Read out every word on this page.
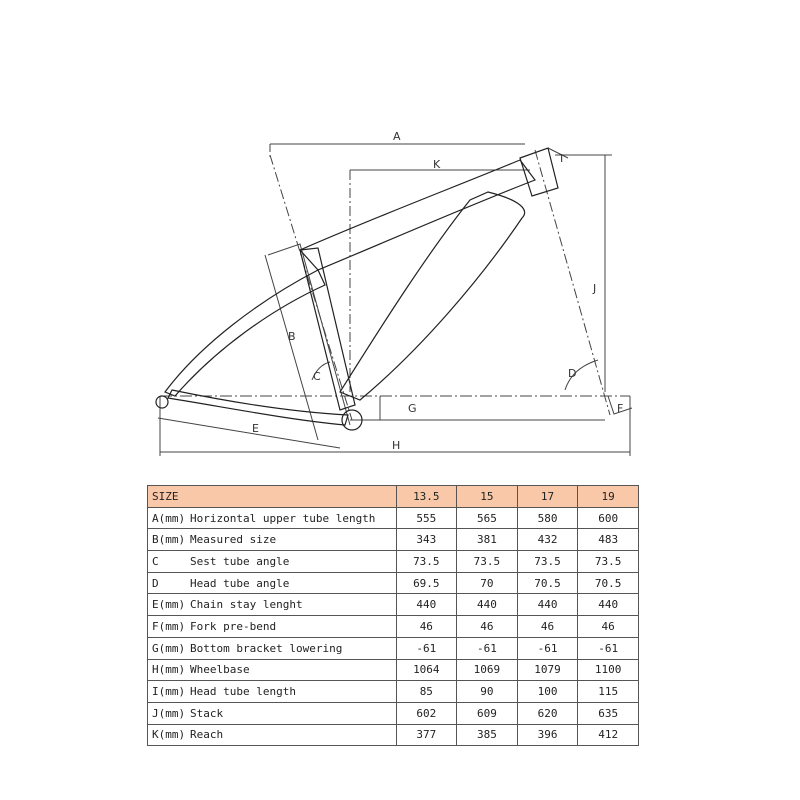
A
K	I
J
B
C	D
G	F
E
H
SIZE	13.5	15	17	19
A(mm) Horizontal upper tube length	555	565	580	600
B(mm) Measured size	343	381	432	483
C Sest tube angle	73.5	73.5	73.5	73.5
D Head tube angle	69.5	70	70.5	70.5
E(mm) Chain stay lenght	440	440	440	440
F(mm) Fork pre-bend	46	46	46	46
G(mm) Bottom bracket lowering	-61	-61	-61	-61
H(mm) Wheelbase	1064	1069	1079	1100
I(mm) Head tube length	85	90	100	115
J(mm) Stack	602	609	620	635
K(mm) Reach	377	385	396	412
